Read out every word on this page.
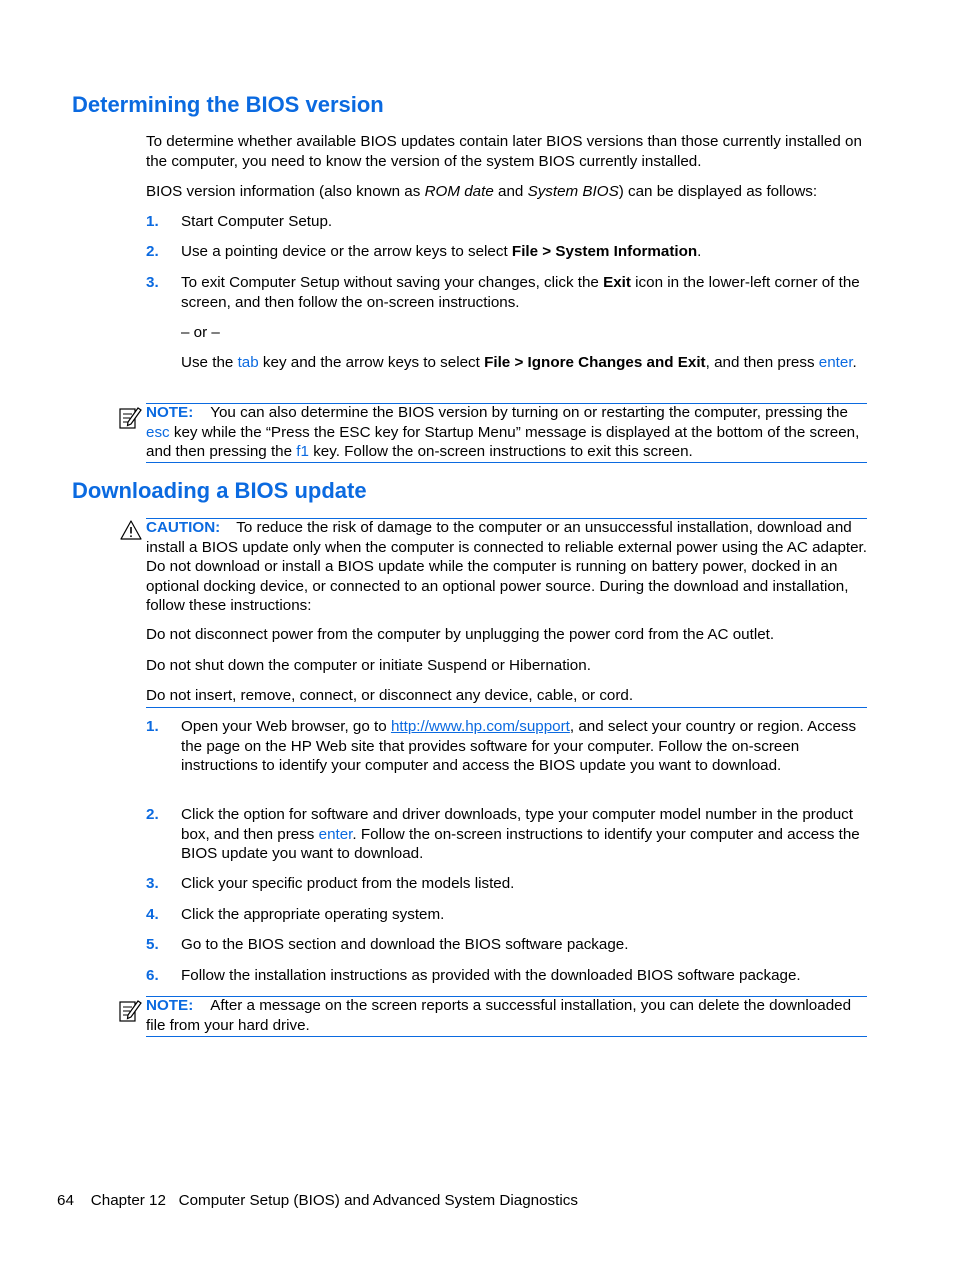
Determining the BIOS version
To determine whether available BIOS updates contain later BIOS versions than those currently installed on the computer, you need to know the version of the system BIOS currently installed.
BIOS version information (also known as ROM date and System BIOS) can be displayed as follows:
1. Start Computer Setup.
2. Use a pointing device or the arrow keys to select File > System Information.
3. To exit Computer Setup without saving your changes, click the Exit icon in the lower-left corner of the screen, and then follow the on-screen instructions.
– or –
Use the tab key and the arrow keys to select File > Ignore Changes and Exit, and then press enter.
NOTE: You can also determine the BIOS version by turning on or restarting the computer, pressing the esc key while the “Press the ESC key for Startup Menu” message is displayed at the bottom of the screen, and then pressing the f1 key. Follow the on-screen instructions to exit this screen.
Downloading a BIOS update
CAUTION: To reduce the risk of damage to the computer or an unsuccessful installation, download and install a BIOS update only when the computer is connected to reliable external power using the AC adapter. Do not download or install a BIOS update while the computer is running on battery power, docked in an optional docking device, or connected to an optional power source. During the download and installation, follow these instructions:
Do not disconnect power from the computer by unplugging the power cord from the AC outlet.
Do not shut down the computer or initiate Suspend or Hibernation.
Do not insert, remove, connect, or disconnect any device, cable, or cord.
1. Open your Web browser, go to http://www.hp.com/support, and select your country or region. Access the page on the HP Web site that provides software for your computer. Follow the on-screen instructions to identify your computer and access the BIOS update you want to download.
2. Click the option for software and driver downloads, type your computer model number in the product box, and then press enter. Follow the on-screen instructions to identify your computer and access the BIOS update you want to download.
3. Click your specific product from the models listed.
4. Click the appropriate operating system.
5. Go to the BIOS section and download the BIOS software package.
6. Follow the installation instructions as provided with the downloaded BIOS software package.
NOTE: After a message on the screen reports a successful installation, you can delete the downloaded file from your hard drive.
64 Chapter 12 Computer Setup (BIOS) and Advanced System Diagnostics
